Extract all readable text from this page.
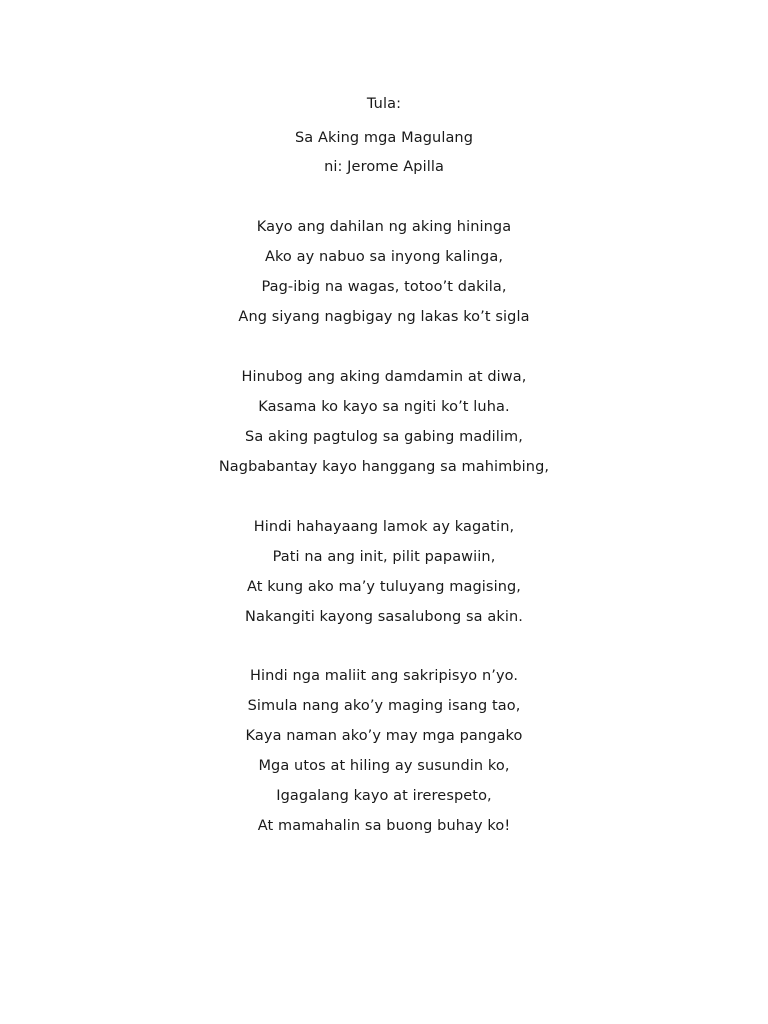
Tula:
Sa Aking mga Magulang
ni: Jerome Apilla
Kayo ang dahilan ng aking hininga
Ako ay nabuo sa inyong kalinga,
Pag-ibig na wagas, totoo’t dakila,
Ang siyang nagbigay ng lakas ko’t sigla
Hinubog ang aking damdamin at diwa,
Kasama ko kayo sa ngiti ko’t luha.
Sa aking pagtulog sa gabing madilim,
Nagbabantay kayo hanggang sa mahimbing,
Hindi hahayaang lamok ay kagatin,
Pati na ang init, pilit papawiin,
At kung ako ma’y tuluyang magising,
Nakangiti kayong sasalubong sa akin.
Hindi nga maliit ang sakripisyo n’yo.
Simula nang ako’y maging isang tao,
Kaya naman ako’y may mga pangako
Mga utos at hiling ay susundin ko,
Igagalang kayo at irerespeto,
At mamahalin sa buong buhay ko!
